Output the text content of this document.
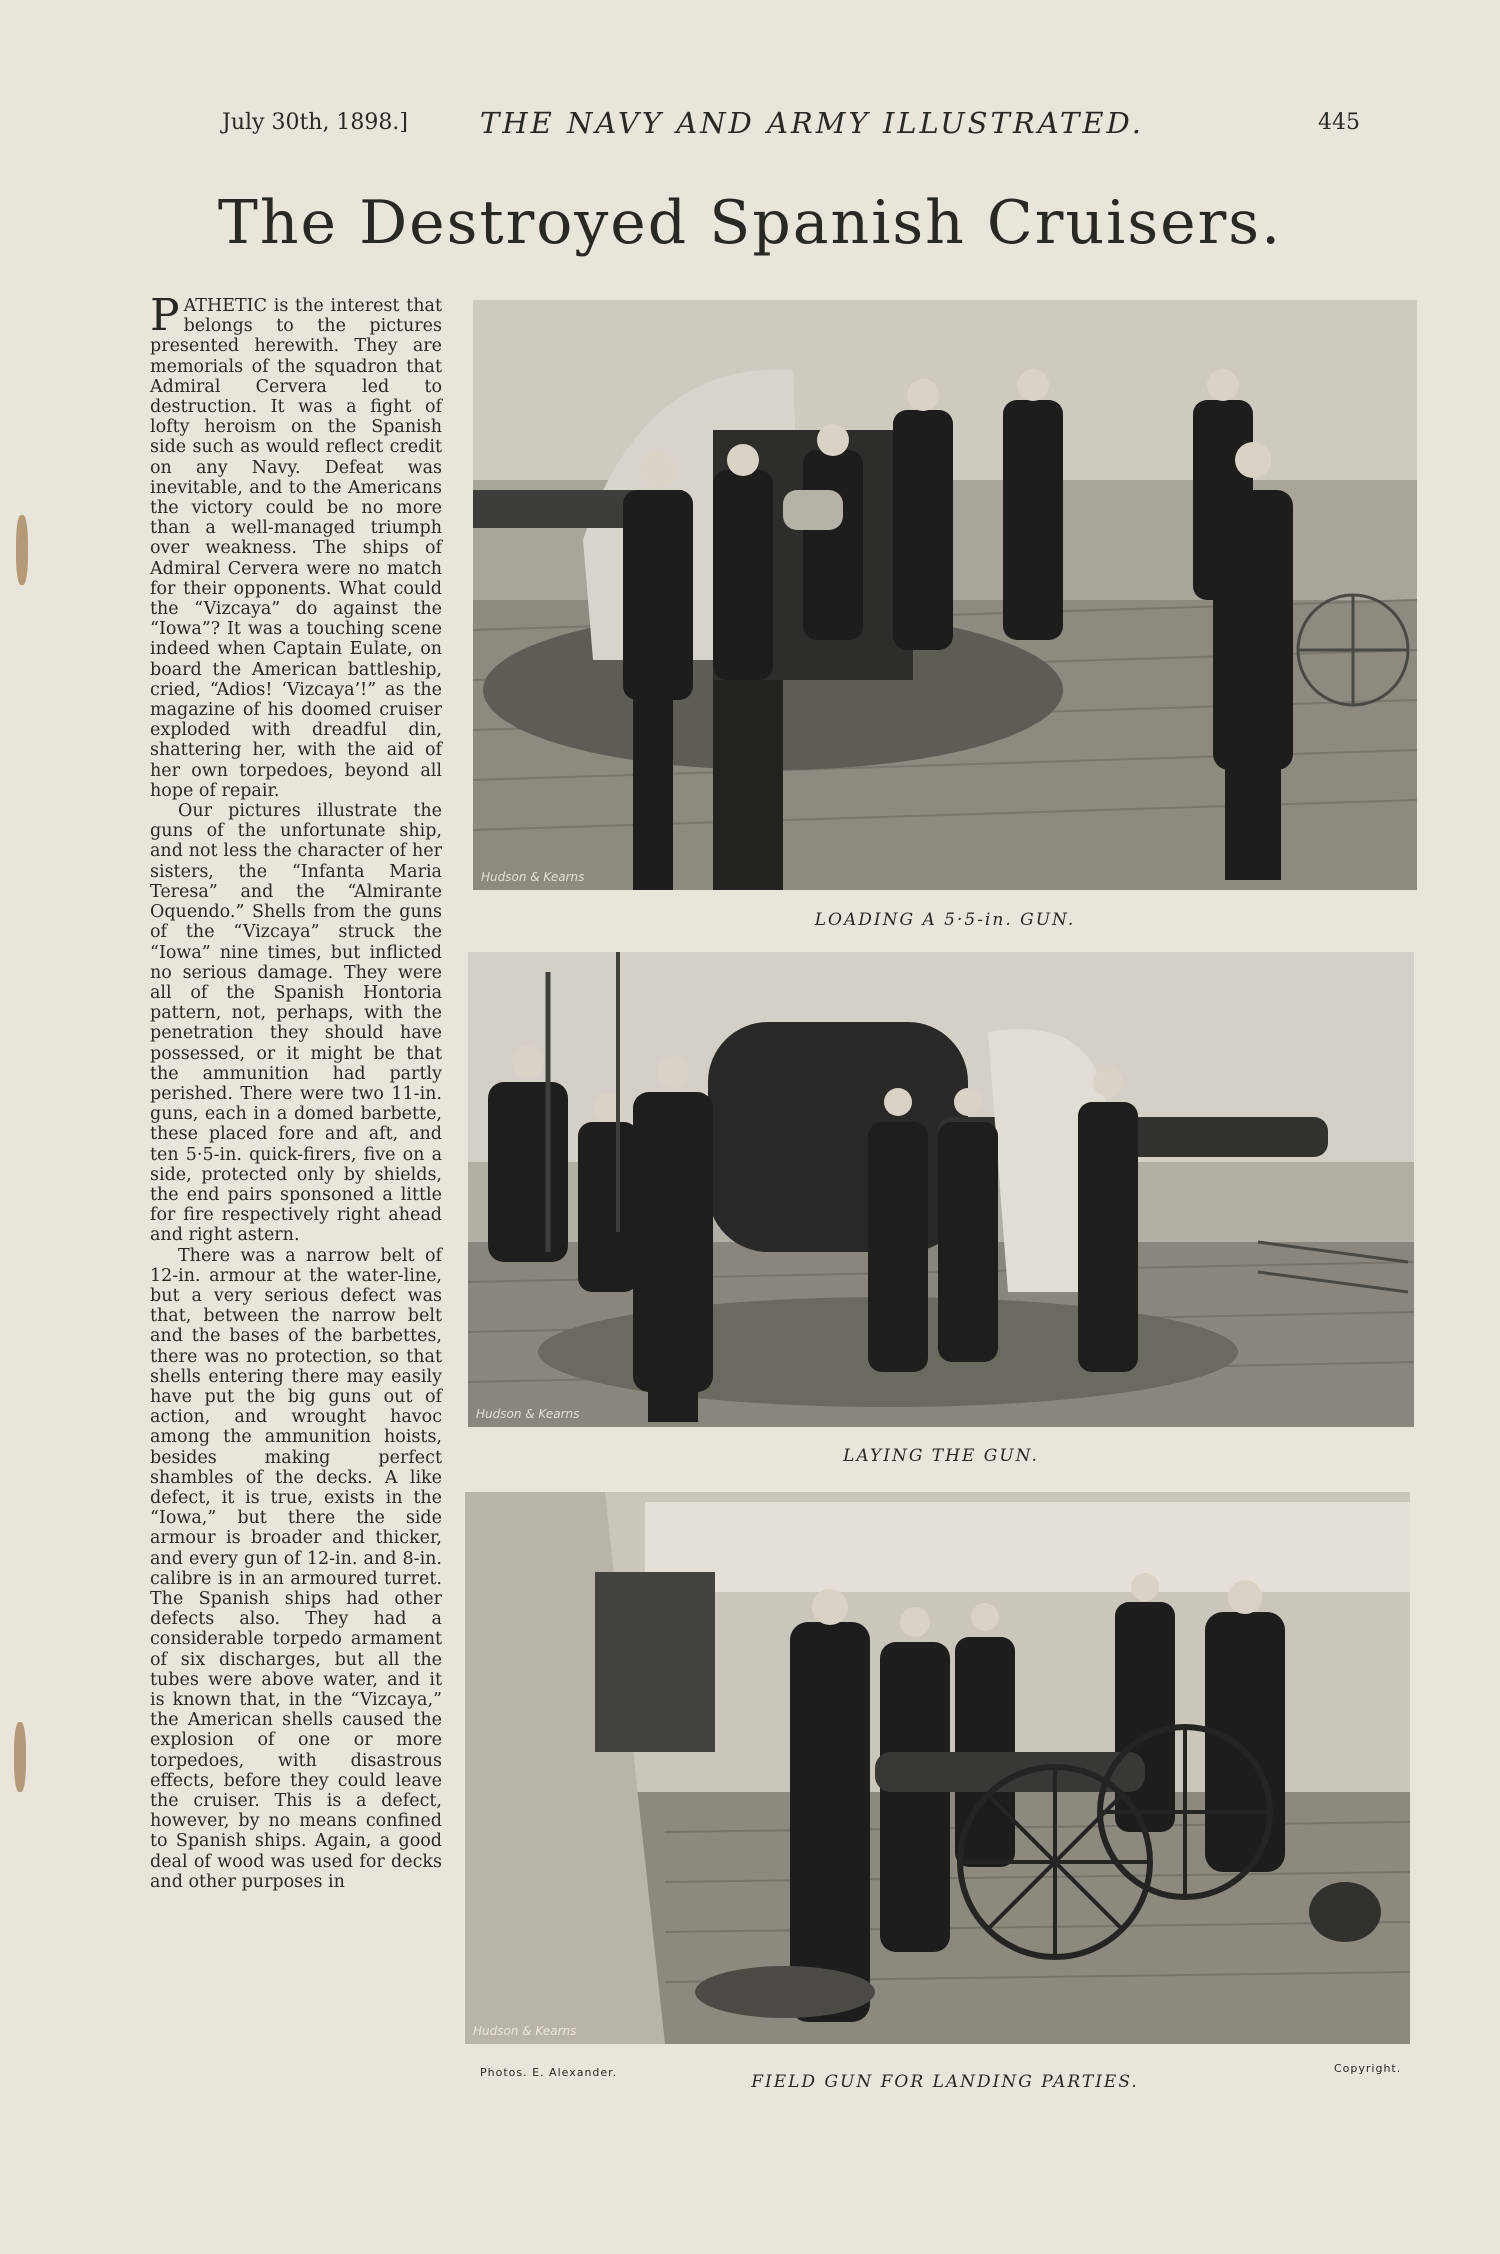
July 30th, 1898.] THE NAVY AND ARMY ILLUSTRATED.	445
The Destroyed Spanish Cruisers.

PATHETIC is the interest that belongs to the pictures presented herewith. They are memorials of the squadron that Admiral Cervera led to destruction. It was a fight of lofty heroism on the Spanish side such as would reflect credit on any Navy. Defeat was inevitable, and to the Americans the victory could be no more than a well-managed triumph over weakness. The ships of Admiral Cervera were no match for their opponents. What could the “Vizcaya” do against the “Iowa”? It was a touching scene indeed when Captain Eulate, on board the American battleship, cried, “Adios! ‘Vizcaya’!” as the magazine of his doomed cruiser exploded with dreadful din, shattering her, with the aid of her own torpedoes, beyond all hope of repair.

Our pictures illustrate the guns of the unfortunate ship, and not less the character of her sisters, the “Infanta Maria Teresa” and the “Almirante Oquendo.” Shells from the guns of the “Vizcaya” struck the “Iowa” nine times, but inflicted no serious damage. They were all of the Spanish Hontoria pattern, not, perhaps, with the penetration they should have possessed, or it might be that the ammunition had partly perished. There were two 11-in. guns, each in a domed barbette, these placed fore and aft, and ten 5·5-in. quick-firers, five on a side, protected only by shields, the end pairs sponsoned a little for fire respectively right ahead and right astern.

There was a narrow belt of 12-in. armour at the water-line, but a very serious defect was that, between the narrow belt and the bases of the barbettes, there was no protection, so that shells entering there may easily have put the big guns out of action, and wrought havoc among the ammunition hoists, besides making perfect shambles of the decks. A like defect, it is true, exists in the “Iowa,” but there the side armour is broader and thicker, and every gun of 12-in. and 8-in. calibre is in an armoured turret. The Spanish ships had other defects also. They had a considerable torpedo armament of six discharges, but all the tubes were above water, and it is known that, in the “Vizcaya,” the American shells caused the explosion of one or more torpedoes, with disastrous effects, before they could leave the cruiser. This is a defect, however, by no means confined to Spanish ships. Again, a good deal of wood was used for decks and other purposes in

Hudson & Kearns
LOADING A 5·5-in. GUN.
Hudson & Kearns
LAYING THE GUN.
Hudson & Kearns
Photos. E. Alexander.	FIELD GUN FOR LANDING PARTIES.
Copyright.
